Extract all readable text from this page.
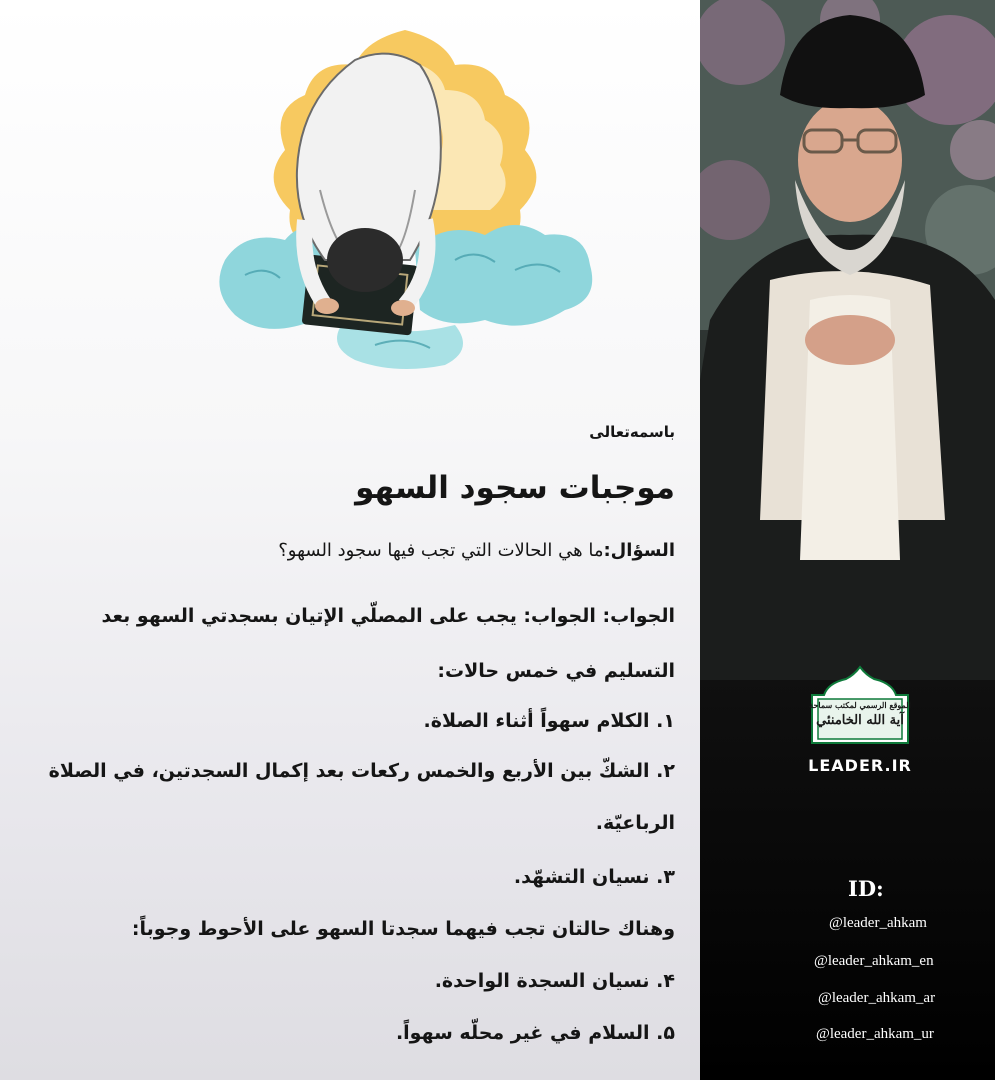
باسمه‌تعالی
موجبات سجود السهو
السؤال:ما هي الحالات التي تجب فيها سجود السهو؟
الجواب: الجواب: يجب على المصلّي الإتيان بسجدتي السهو بعد
التسليم في خمس حالات:
١. الكلام سهواً أثناء الصلاة.
٢. الشكّ بين الأربع والخمس ركعات بعد إكمال السجدتين، في الصلاة
الرباعيّة.
٣. نسيان التشهّد.
وهناك حالتان تجب فيهما سجدتا السهو على الأحوط وجوباً:
۴. نسيان السجدة الواحدة.
۵. السلام في غير محلّه سهواً.
الموقع الرسمي لمكتب سماحة
آیة الله الخامنئي
LEADER.IR
ID:
@leader_ahkam
@leader_ahkam_en
@leader_ahkam_ar
@leader_ahkam_ur
